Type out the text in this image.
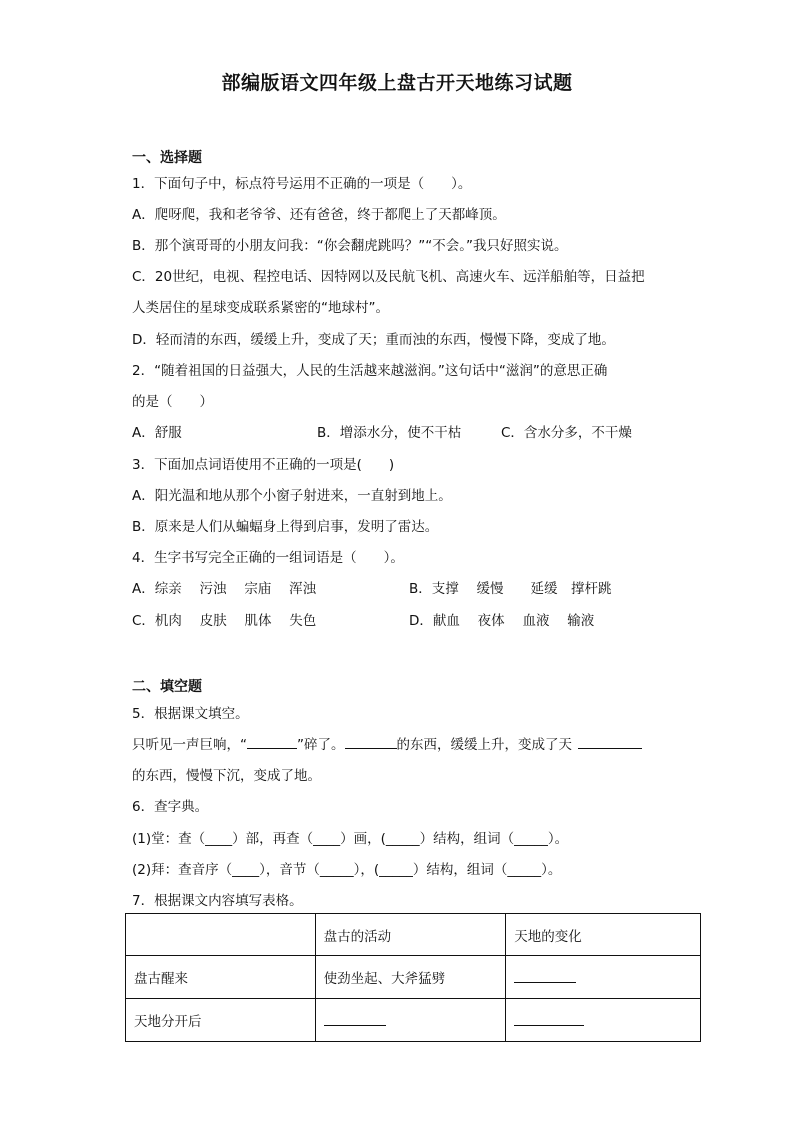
部编版语文四年级上盘古开天地练习试题
一、选择题
1．下面句子中，标点符号运用不正确的一项是（　　）。
A．爬呀爬，我和老爷爷、还有爸爸，终于都爬上了天都峰顶。
B．那个演哥哥的小朋友问我：“你会翻虎跳吗？”“不会。”我只好照实说。
C．20世纪，电视、程控电话、因特网以及民航飞机、高速火车、远洋船舶等，日益把
人类居住的星球变成联系紧密的“地球村”。
D．轻而清的东西，缓缓上升，变成了天；重而浊的东西，慢慢下降，变成了地。
2．“随着祖国的日益强大，人民的生活越来越滋润。”这句话中“滋润”的意思正确
的是（　　）
A．舒服	B．增添水分，使不干枯	C．含水分多，不干燥
3．下面加点词语使用不正确的一项是(　　)
A．阳光温和地从那个小窗子射进来，一直射到地上。
B．原来是人们从蝙蝠身上得到启事，发明了雷达。
4．生字书写完全正确的一组词语是（　　）。
A．综亲　 污浊　 宗庙　 浑浊	B．支撑　 缓慢　　延缓　撑杆跳
C．机肉　 皮肤　 肌体　 失色	D．献血　 夜体　 血液　 输液
二、填空题
5．根据课文填空。
只听见一声巨响，“	”碎了。	的东西，缓缓上升，变成了天
的东西，慢慢下沉，变成了地。
6．查字典。
(1)堂：查（____）部，再查（____）画，(_____）结构，组词（_____）。
(2)拜：查音序（____），音节（_____），(_____）结构，组词（_____）。
7．根据课文内容填写表格。
	盘古的活动	天地的变化
盘古醒来	使劲坐起、大斧猛劈	
天地分开后		
